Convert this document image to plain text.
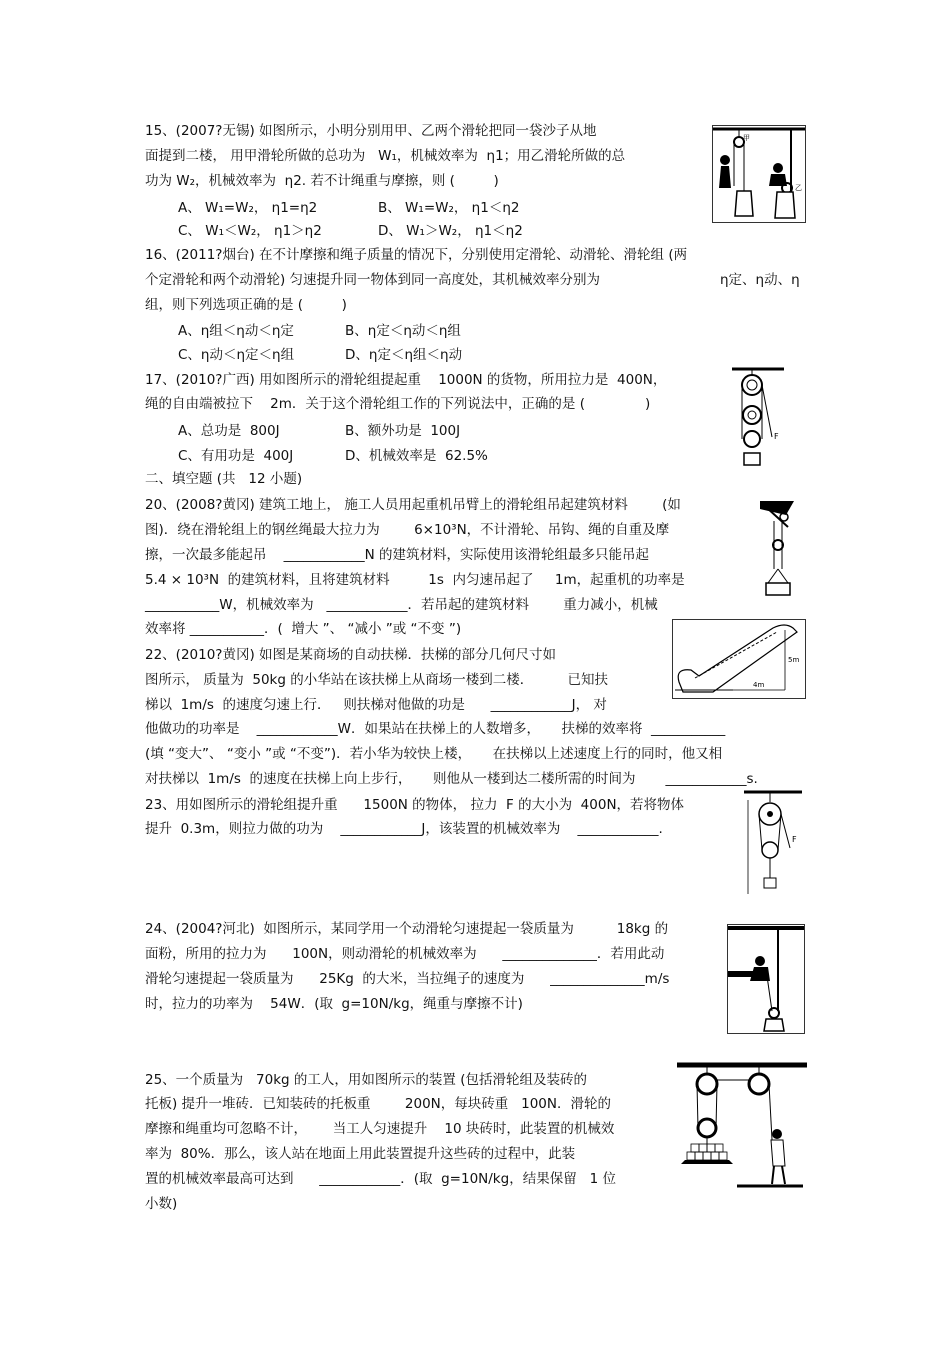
15、(2007?无锡) 如图所示，小明分别用甲、乙两个滑轮把同一袋沙子从地
面提到二楼， 用甲滑轮所做的总功为   W₁，机械效率为  η1；用乙滑轮所做的总
功为 W₂，机械效率为  η2. 若不计绳重与摩擦，则 (         )
A、 W₁=W₂， η1=η2	B、 W₁=W₂， η1＜η2
C、 W₁＜W₂， η1＞η2	D、 W₁＞W₂， η1＜η2
甲
乙
16、(2011?烟台) 在不计摩擦和绳子质量的情况下，分别使用定滑轮、动滑轮、滑轮组 (两
个定滑轮和两个动滑轮) 匀速提升同一物体到同一高度处，其机械效率分别为	η定、η动、η
组，则下列选项正确的是 (         )
A、η组＜η动＜η定	B、η定＜η动＜η组
C、η动＜η定＜η组	D、η定＜η组＜η动
17、(2010?广西) 用如图所示的滑轮组提起重    1000N 的货物，所用拉力是  400N，
绳的自由端被拉下    2m．关于这个滑轮组工作的下列说法中，正确的是 (              )
A、总功是  800J	B、额外功是  100J
C、有用功是  400J	D、机械效率是  62.5%
F
二、填空题 (共   12 小题)
20、(2008?黄冈) 建筑工地上， 施工人员用起重机吊臂上的滑轮组吊起建筑材料        (如
图)．绕在滑轮组上的钢丝绳最大拉力为        6×10³N，不计滑轮、吊钩、绳的自重及摩
擦，一次最多能起吊    ____________N 的建筑材料，实际使用该滑轮组最多只能吊起
5.4 × 10³N  的建筑材料，且将建筑材料         1s  内匀速吊起了     1m，起重机的功率是
___________W，机械效率为   ____________．若吊起的建筑材料        重力减小，机械
效率将 ___________．(  增大 ”、 “减小 ”或 “不变 ”)
22、(2010?黄冈) 如图是某商场的自动扶梯．扶梯的部分几何尺寸如
图所示， 质量为  50kg 的小华站在该扶梯上从商场一楼到二楼．        已知扶
梯以  1m/s  的速度匀速上行．   则扶梯对他做的功是      ____________J， 对
他做功的功率是    ____________W．如果站在扶梯上的人数增多，     扶梯的效率将  ___________
(填 “变大”、 “变小 ”或 “不变”)．若小华为较快上楼，     在扶梯以上述速度上行的同时，他又相
对扶梯以  1m/s  的速度在扶梯上向上步行，     则他从一楼到达二楼所需的时间为       ____________s.
5m
4m
23、用如图所示的滑轮组提升重      1500N 的物体， 拉力  F 的大小为  400N，若将物体
提升  0.3m，则拉力做的功为    ____________J，该装置的机械效率为    ____________.
F
24、(2004?河北)  如图所示，某同学用一个动滑轮匀速提起一袋质量为          18kg 的
面粉，所用的拉力为      100N，则动滑轮的机械效率为      ______________．若用此动
滑轮匀速提起一袋质量为      25Kg  的大米，当拉绳子的速度为      ______________m/s
时，拉力的功率为    54W．(取  g=10N/kg，绳重与摩擦不计)
25、一个质量为   70kg 的工人，用如图所示的装置 (包括滑轮组及装砖的
托板) 提升一堆砖．已知装砖的托板重        200N，每块砖重   100N．滑轮的
摩擦和绳重均可忽略不计，      当工人匀速提升    10 块砖时，此装置的机械效
率为  80%．那么，该人站在地面上用此装置提升这些砖的过程中，此装
置的机械效率最高可达到      ____________．(取  g=10N/kg，结果保留   1 位
小数)
